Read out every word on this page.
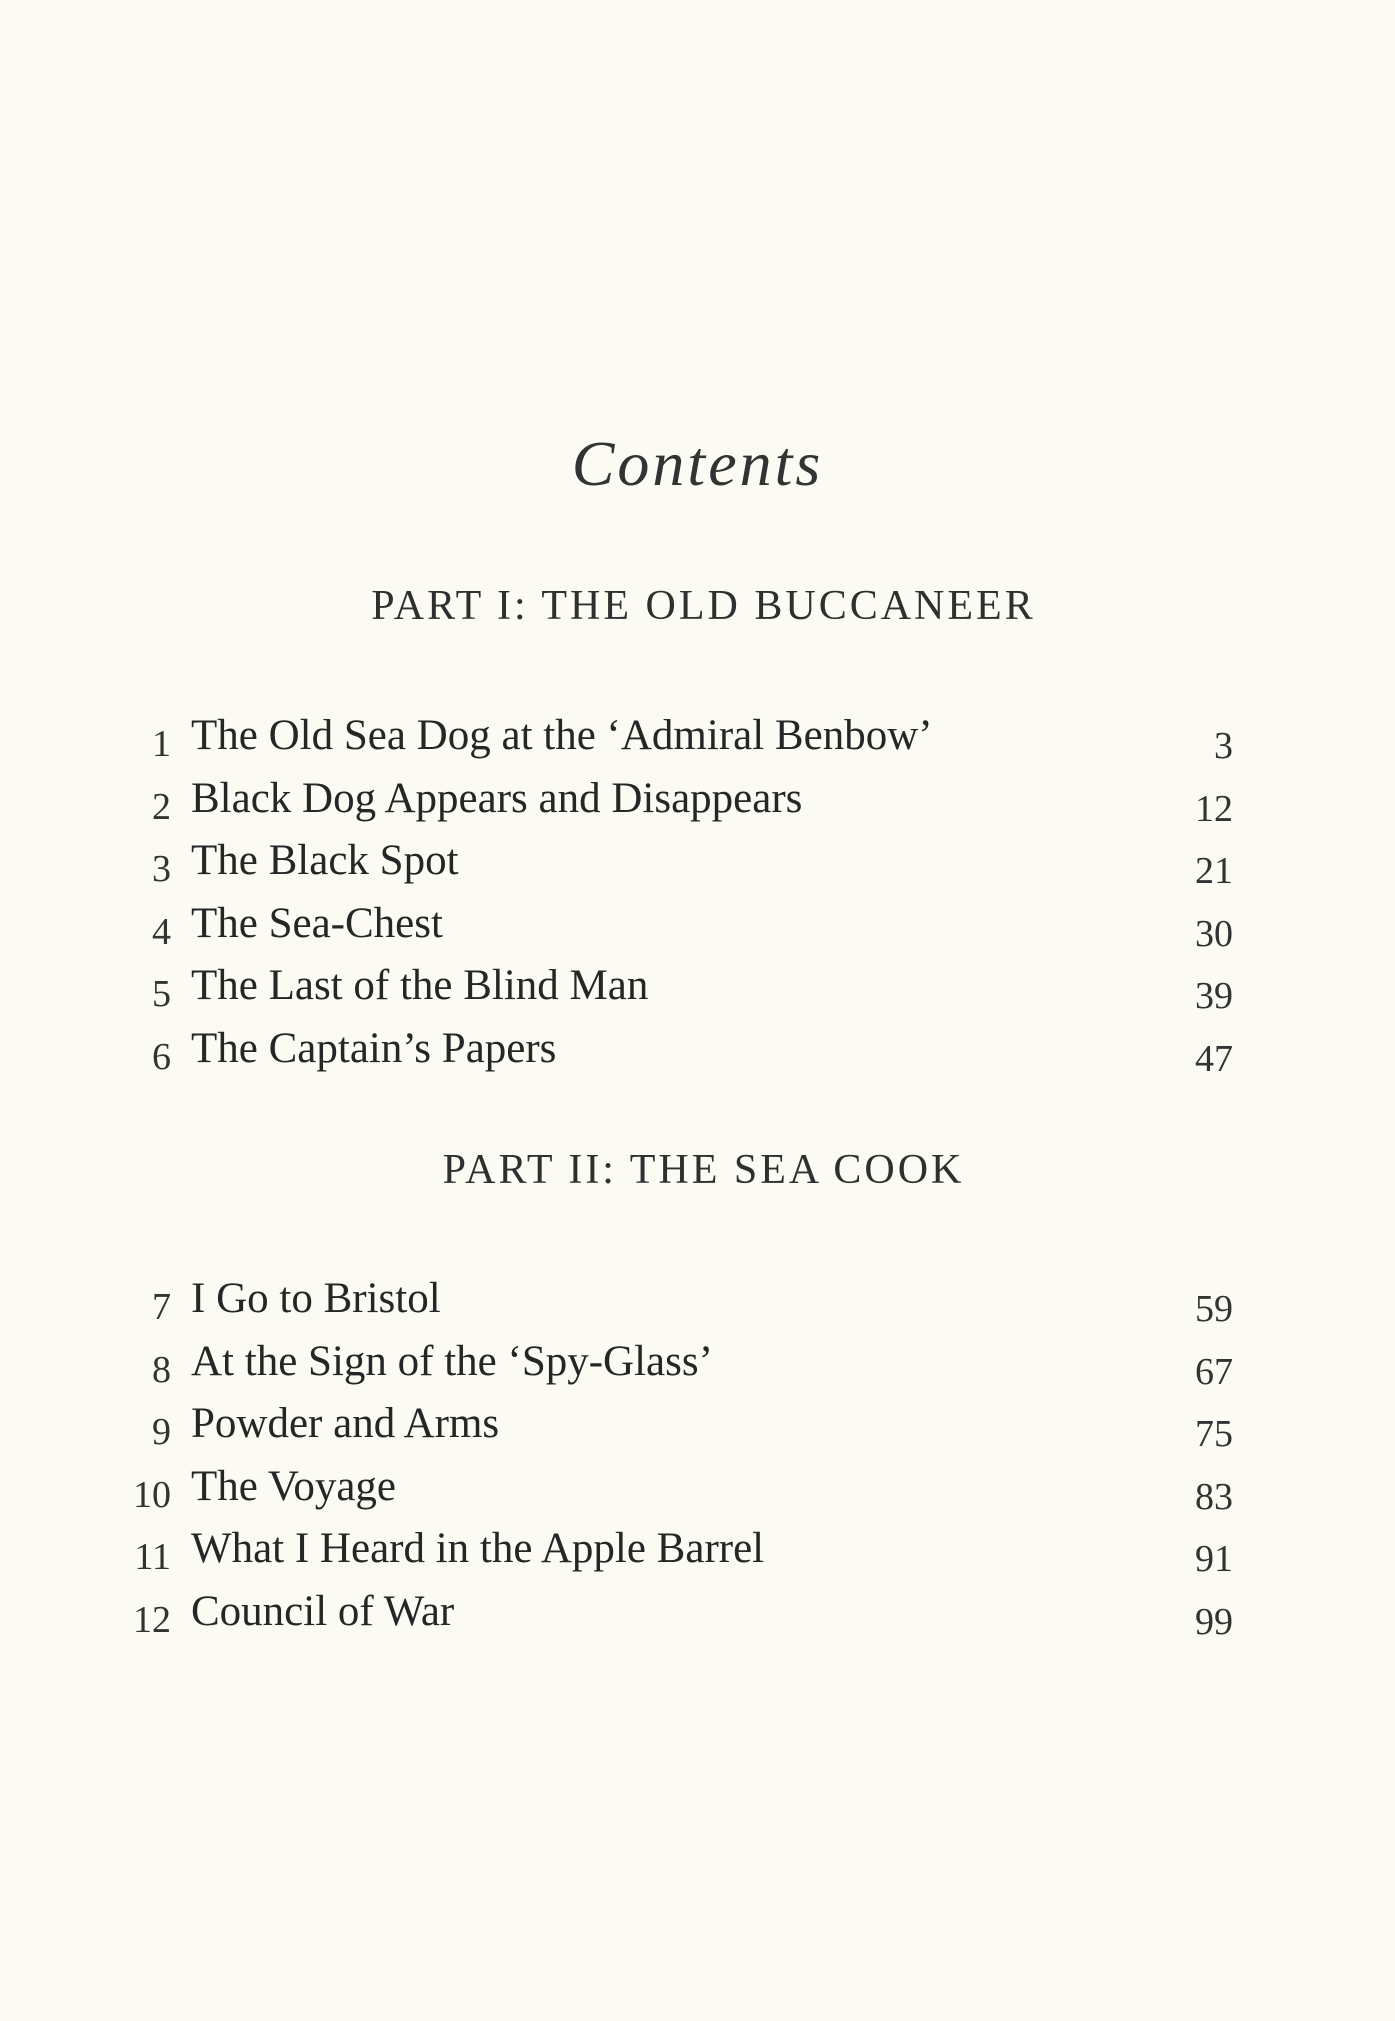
Contents
PART I: THE OLD BUCCANEER
1 The Old Sea Dog at the ‘Admiral Benbow’	3
2 Black Dog Appears and Disappears	12
3 The Black Spot	21
4 The Sea-Chest	30
5 The Last of the Blind Man	39
6 The Captain’s Papers	47
PART II: THE SEA COOK
7 I Go to Bristol	59
8 At the Sign of the ‘Spy-Glass’	67
9 Powder and Arms	75
10 The Voyage	83
11 What I Heard in the Apple Barrel	91
12 Council of War	99
